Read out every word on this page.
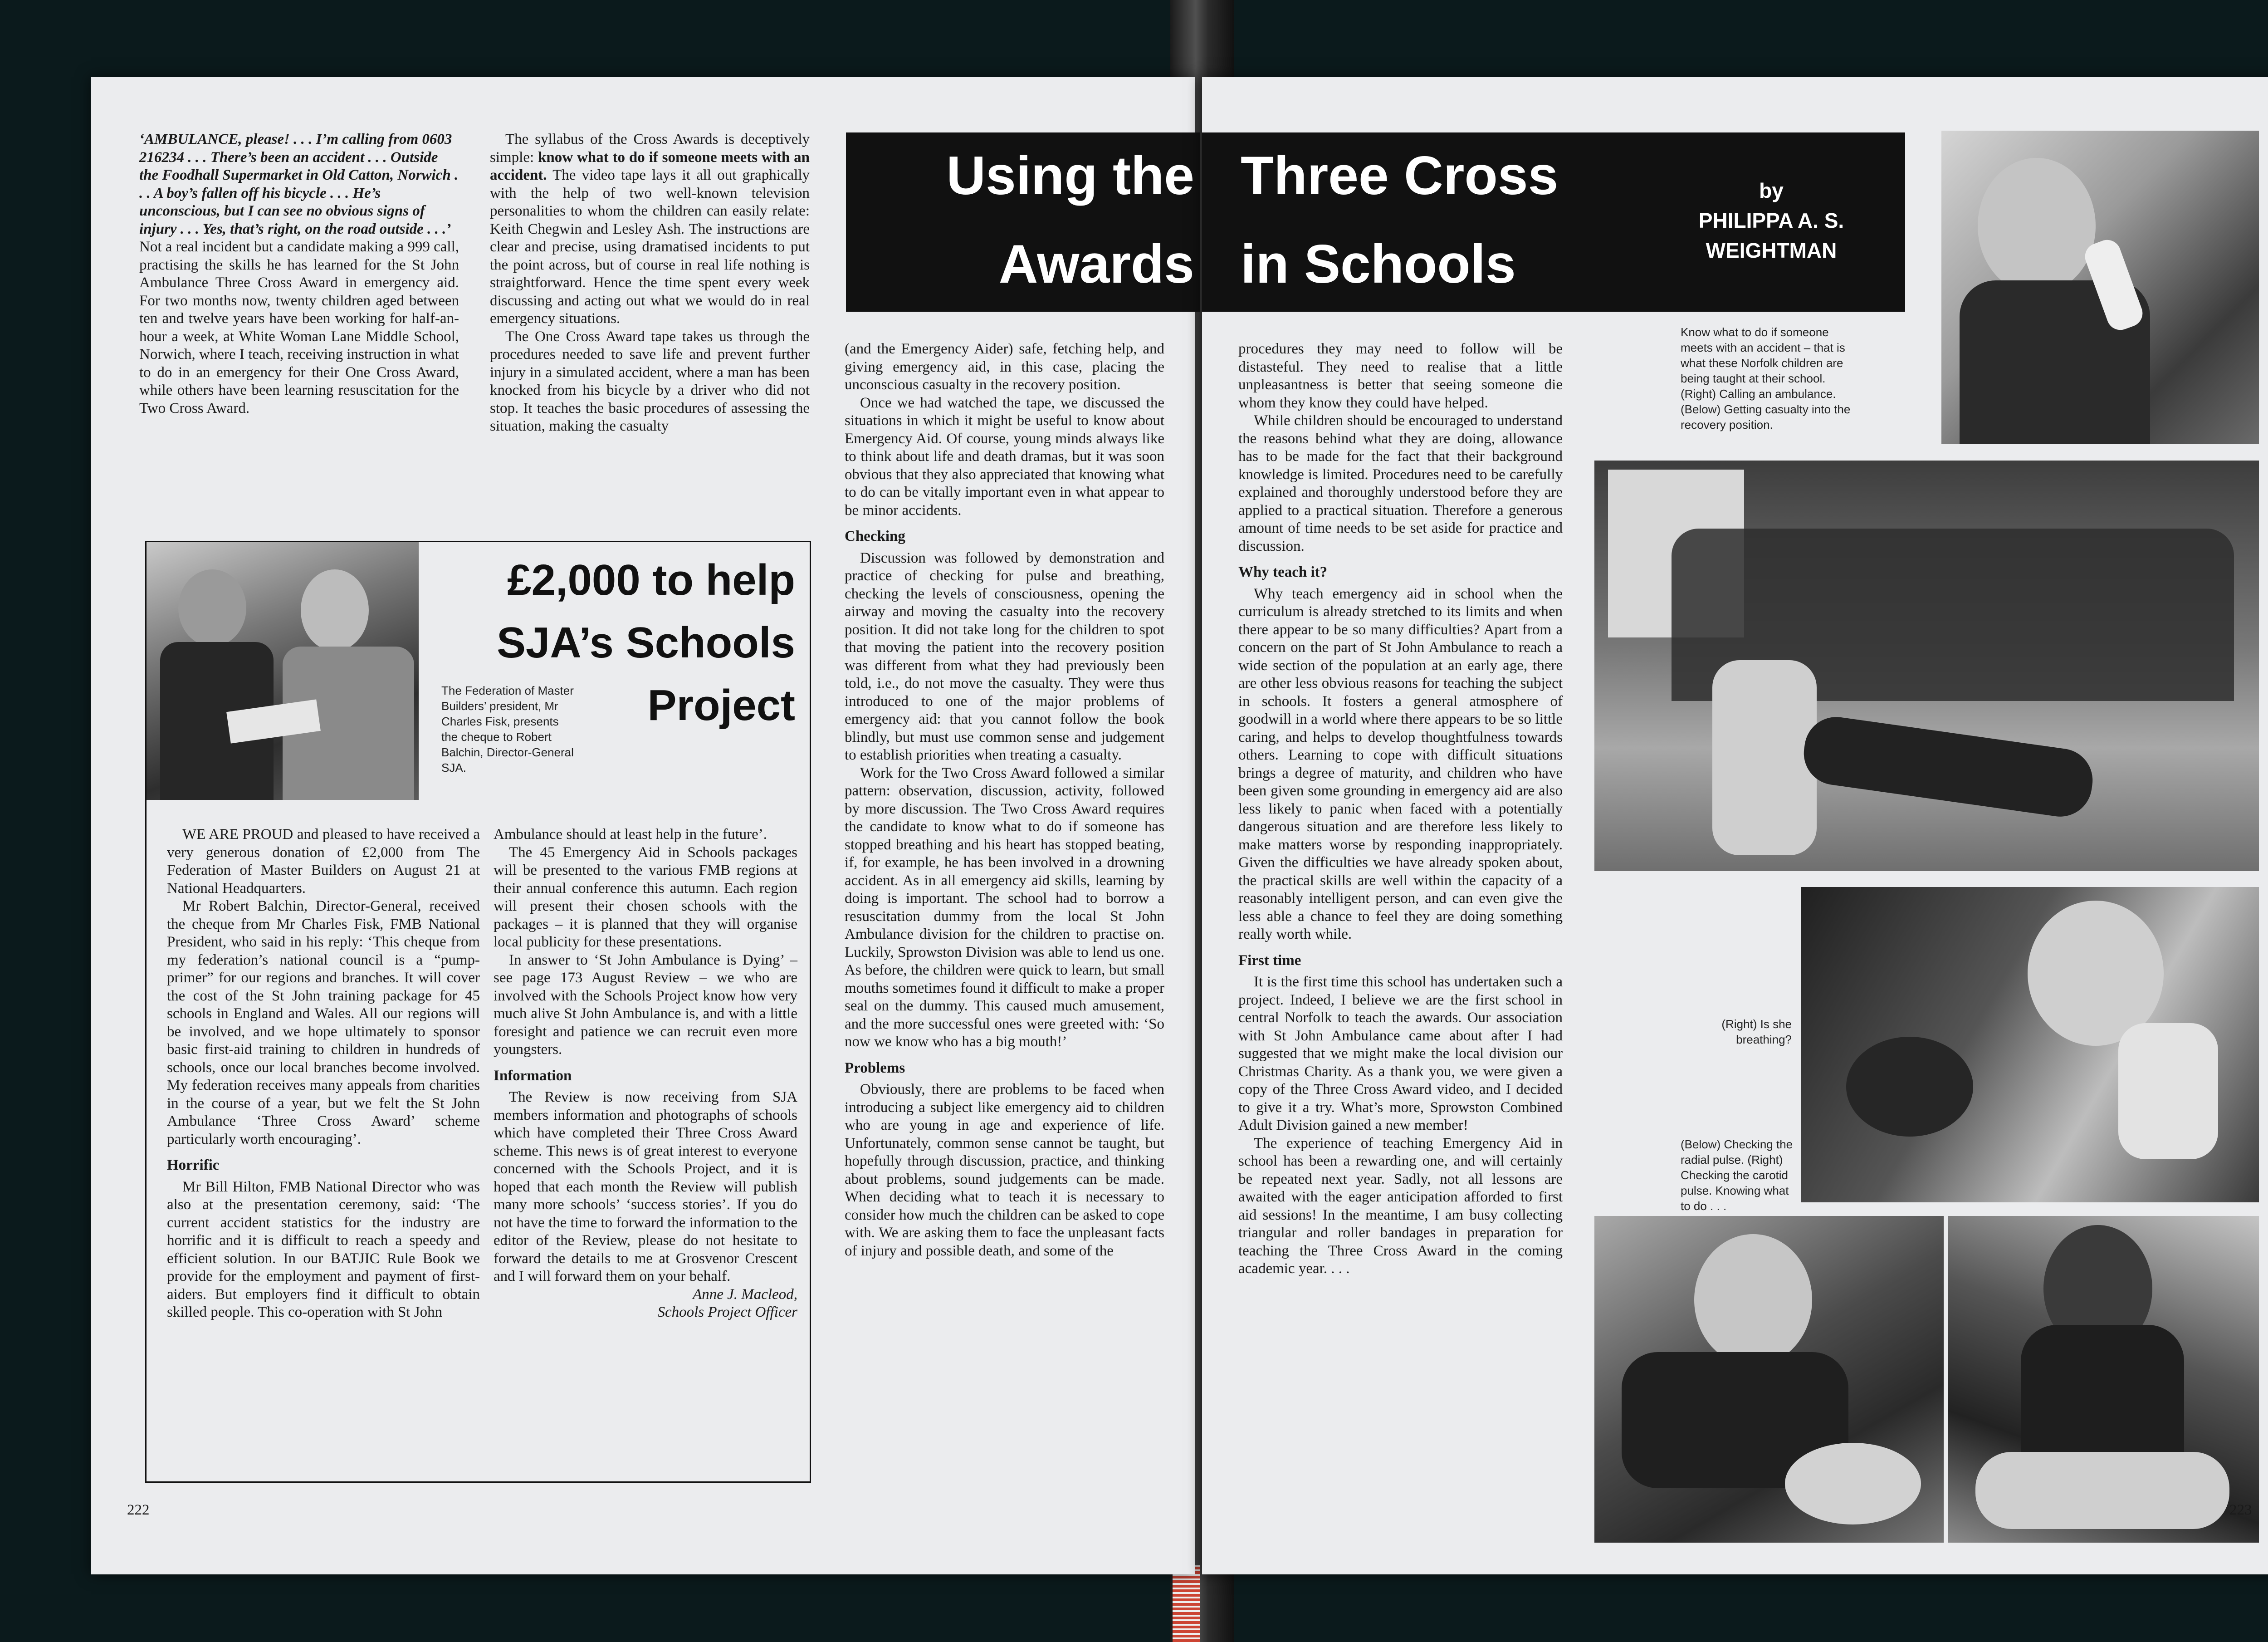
‘AMBULANCE, please! . . . I’m calling from 0603 216234 . . . There’s been an accident . . . Outside the Foodhall Supermarket in Old Catton, Norwich . . . A boy’s fallen off his bicycle . . . He’s unconscious, but I can see no obvious signs of injury . . . Yes, that’s right, on the road outside . . .’

Not a real incident but a candidate making a 999 call, practising the skills he has learned for the St John Ambulance Three Cross Award in emergency aid. For two months now, twenty children aged between ten and twelve years have been working for half-an-hour a week, at White Woman Lane Middle School, Norwich, where I teach, receiving instruction in what to do in an emergency for their One Cross Award, while others have been learning resuscitation for the Two Cross Award.

The syllabus of the Cross Awards is deceptively simple: know what to do if someone meets with an accident. The video tape lays it all out graphically with the help of two well-known television personalities to whom the children can easily relate: Keith Chegwin and Lesley Ash. The instructions are clear and precise, using dramatised incidents to put the point across, but of course in real life nothing is straightforward. Hence the time spent every week discussing and acting out what we would do in real emergency situations.

The One Cross Award tape takes us through the procedures needed to save life and prevent further injury in a simulated accident, where a man has been knocked from his bicycle by a driver who did not stop. It teaches the basic procedures of assessing the situation, making the casualty

Using the
Awards
£2,000 to help
SJA’s Schools
Project
The Federation of Master Builders’ president, Mr Charles Fisk, presents the cheque to Robert Balchin, Director-General SJA.

WE ARE PROUD and pleased to have received a very generous donation of £2,000 from The Federation of Master Builders on August 21 at National Headquarters.

Mr Robert Balchin, Director-General, received the cheque from Mr Charles Fisk, FMB National President, who said in his reply: ‘This cheque from my federation’s national council is a “pump-primer” for our regions and branches. It will cover the cost of the St John training package for 45 schools in England and Wales. All our regions will be involved, and we hope ultimately to sponsor basic first-aid training to children in hundreds of schools, once our local branches become involved. My federation receives many appeals from charities in the course of a year, but we felt the St John Ambulance ‘Three Cross Award’ scheme particularly worth encouraging’.

Horrific

Mr Bill Hilton, FMB National Director who was also at the presentation ceremony, said: ‘The current accident statistics for the industry are horrific and it is difficult to reach a speedy and efficient solution. In our BATJIC Rule Book we provide for the employment and payment of first-aiders. But employers find it difficult to obtain skilled people. This co-operation with St John

Ambulance should at least help in the future’.

The 45 Emergency Aid in Schools packages will be presented to the various FMB regions at their annual conference this autumn. Each region will present their chosen schools with the packages – it is planned that they will organise local publicity for these presentations.

In answer to ‘St John Ambulance is Dying’ – see page 173 August Review – we who are involved with the Schools Project know how very much alive St John Ambulance is, and with a little foresight and patience we can recruit even more youngsters.

Information

The Review is now receiving from SJA members information and photographs of schools which have completed their Three Cross Award scheme. This news is of great interest to everyone concerned with the Schools Project, and it is hoped that each month the Review will publish many more schools’ ‘success stories’. If you do not have the time to forward the information to the editor of the Review, please do not hesitate to forward the details to me at Grosvenor Crescent and I will forward them on your behalf.

Anne J. Macleod,

Schools Project Officer

(and the Emergency Aider) safe, fetching help, and giving emergency aid, in this case, placing the unconscious casualty in the recovery position.

Once we had watched the tape, we discussed the situations in which it might be useful to know about Emergency Aid. Of course, young minds always like to think about life and death dramas, but it was soon obvious that they also appreciated that knowing what to do can be vitally important even in what appear to be minor accidents.

Checking

Discussion was followed by demonstration and practice of checking for pulse and breathing, checking the levels of consciousness, opening the airway and moving the casualty into the recovery position. It did not take long for the children to spot that moving the patient into the recovery position was different from what they had previously been told, i.e., do not move the casualty. They were thus introduced to one of the major problems of emergency aid: that you cannot follow the book blindly, but must use common sense and judgement to establish priorities when treating a casualty.

Work for the Two Cross Award followed a similar pattern: observation, discussion, activity, followed by more discussion. The Two Cross Award requires the candidate to know what to do if someone has stopped breathing and his heart has stopped beating, if, for example, he has been involved in a drowning accident. As in all emergency aid skills, learning by doing is important. The school had to borrow a resuscitation dummy from the local St John Ambulance division for the children to practise on. Luckily, Sprowston Division was able to lend us one. As before, the children were quick to learn, but small mouths sometimes found it difficult to make a proper seal on the dummy. This caused much amusement, and the more successful ones were greeted with: ‘So now we know who has a big mouth!’

Problems

Obviously, there are problems to be faced when introducing a subject like emergency aid to children who are young in age and experience of life. Unfortunately, common sense cannot be taught, but hopefully through discussion, practice, and thinking about problems, sound judgements can be made. When deciding what to teach it is necessary to consider how much the children can be asked to cope with. We are asking them to face the unpleasant facts of injury and possible death, and some of the

222
Three Cross
in Schools
by
PHILIPPA A. S.
WEIGHTMAN
Know what to do if someone meets with an accident – that is what these Norfolk children are being taught at their school. (Right) Calling an ambulance. (Below) Getting casualty into the recovery position.
(Right) Is she breathing?
(Below) Checking the radial pulse. (Right) Checking the carotid pulse. Knowing what to do . . .

procedures they may need to follow will be distasteful. They need to realise that a little unpleasantness is better that seeing someone die whom they know they could have helped.

While children should be encouraged to understand the reasons behind what they are doing, allowance has to be made for the fact that their background knowledge is limited. Procedures need to be carefully explained and thoroughly understood before they are applied to a practical situation. Therefore a generous amount of time needs to be set aside for practice and discussion.

Why teach it?

Why teach emergency aid in school when the curriculum is already stretched to its limits and when there appear to be so many difficulties? Apart from a concern on the part of St John Ambulance to reach a wide section of the population at an early age, there are other less obvious reasons for teaching the subject in schools. It fosters a general atmosphere of goodwill in a world where there appears to be so little caring, and helps to develop thoughtfulness towards others. Learning to cope with difficult situations brings a degree of maturity, and children who have been given some grounding in emergency aid are also less likely to panic when faced with a potentially dangerous situation and are therefore less likely to make matters worse by responding inappropriately. Given the difficulties we have already spoken about, the practical skills are well within the capacity of a reasonably intelligent person, and can even give the less able a chance to feel they are doing something really worth while.

First time

It is the first time this school has undertaken such a project. Indeed, I believe we are the first school in central Norfolk to teach the awards. Our association with St John Ambulance came about after I had suggested that we might make the local division our Christmas Charity. As a thank you, we were given a copy of the Three Cross Award video, and I decided to give it a try. What’s more, Sprowston Combined Adult Division gained a new member!

The experience of teaching Emergency Aid in school has been a rewarding one, and will certainly be repeated next year. Sadly, not all lessons are awaited with the eager anticipation afforded to first aid sessions! In the meantime, I am busy collecting triangular and roller bandages in preparation for teaching the Three Cross Award in the coming academic year. . . .

223
